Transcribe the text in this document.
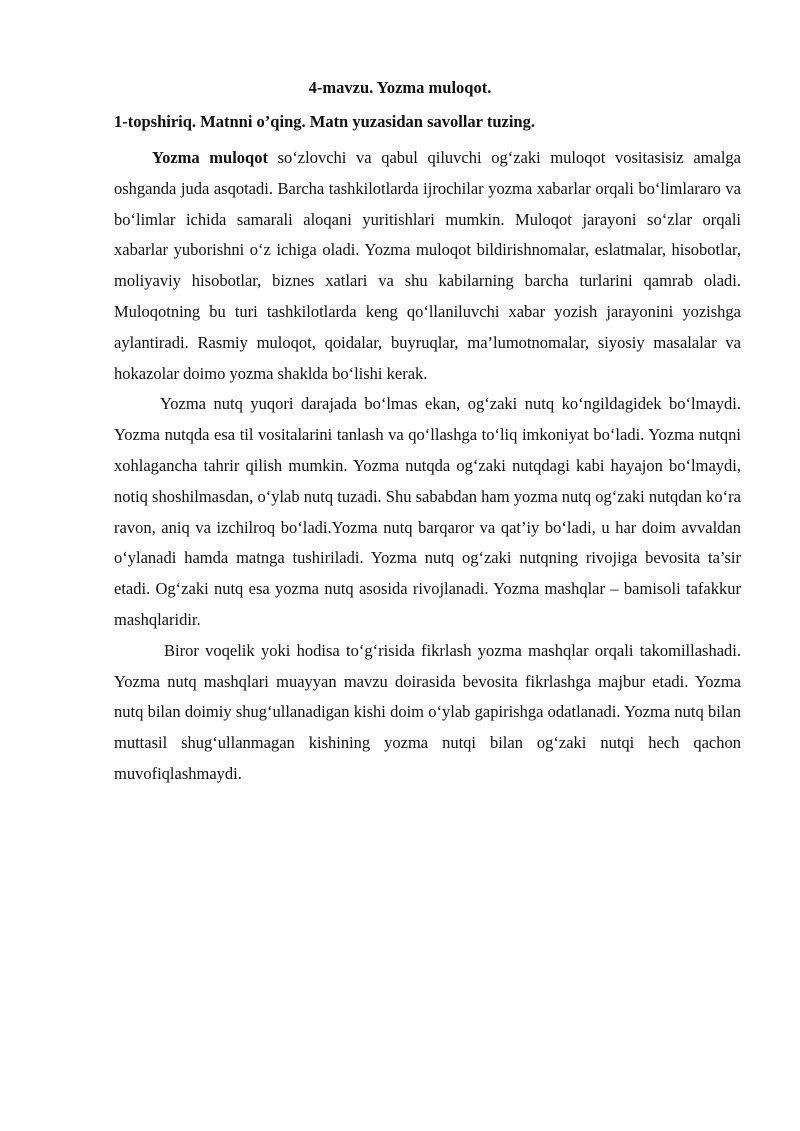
4-mavzu. Yozma muloqot.
1-topshiriq. Matnni o’qing. Matn yuzasidan savollar tuzing.

Yozma muloqot so‘zlovchi va qabul qiluvchi og‘zaki muloqot vositasisiz amalga oshganda juda asqotadi. Barcha tashkilotlarda ijrochilar yozma xabarlar orqali bo‘limlararo va bo‘limlar ichida samarali aloqani yuritishlari mumkin. Muloqot jarayoni so‘zlar orqali xabarlar yuborishni o‘z ichiga oladi. Yozma muloqot bildirishnomalar, eslatmalar, hisobotlar, moliyaviy hisobotlar, biznes xatlari va shu kabilarning barcha turlarini qamrab oladi. Muloqotning bu turi tashkilotlarda keng qo‘llaniluvchi xabar yozish jarayonini yozishga aylantiradi. Rasmiy muloqot, qoidalar, buyruqlar, ma’lumotnomalar, siyosiy masalalar va hokazolar doimo yozma shaklda bo‘lishi kerak.

Yozma nutq yuqori darajada bo‘lmas ekan, og‘zaki nutq ko‘ngildagidek bo‘lmaydi. Yozma nutqda esa til vositalarini tanlash va qo‘llashga to‘liq imkoniyat bo‘ladi. Yozma nutqni xohlagancha tahrir qilish mumkin. Yozma nutqda og‘zaki nutqdagi kabi hayajon bo‘lmaydi, notiq shoshilmasdan, o‘ylab nutq tuzadi. Shu sababdan ham yozma nutq og‘zaki nutqdan ko‘ra ravon, aniq va izchilroq bo‘ladi.Yozma nutq barqaror va qat’iy bo‘ladi, u har doim avvaldan o‘ylanadi hamda matnga tushiriladi. Yozma nutq og‘zaki nutqning rivojiga bevosita ta’sir etadi. Og‘zaki nutq esa yozma nutq asosida rivojlanadi. Yozma mashqlar – bamisoli tafakkur mashqlaridir.

Biror voqelik yoki hodisa to‘g‘risida fikrlash yozma mashqlar orqali takomillashadi. Yozma nutq mashqlari muayyan mavzu doirasida bevosita fikrlashga majbur etadi. Yozma nutq bilan doimiy shug‘ullanadigan kishi doim o‘ylab gapirishga odatlanadi. Yozma nutq bilan muttasil shug‘ullanmagan kishining yozma nutqi bilan og‘zaki nutqi hech qachon muvofiqlashmaydi.
